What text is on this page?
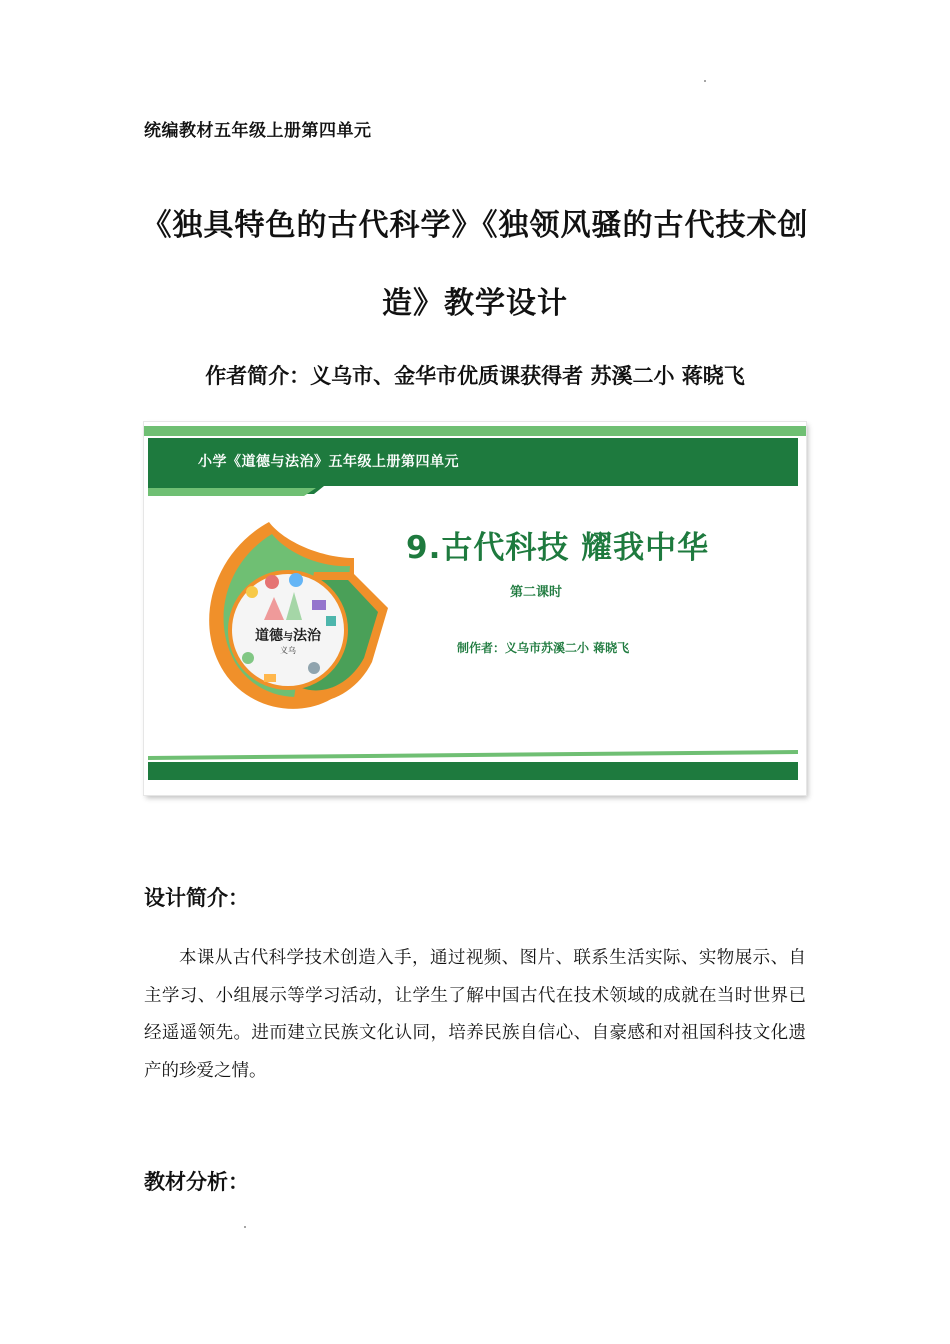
统编教材五年级上册第四单元
《独具特色的古代科学》《独领风骚的古代技术创
造》教学设计
作者简介：义乌市、金华市优质课获得者 苏溪二小 蒋晓飞
小学《道德与法治》五年级上册第四单元
9.古代科技 耀我中华
第二课时
制作者：义乌市苏溪二小 蒋晓飞
道德与法治
义乌
设计简介：
本课从古代科学技术创造入手，通过视频、图片、联系生活实际、实物展示、自主学习、小组展示等学习活动，让学生了解中国古代在技术领域的成就在当时世界已经遥遥领先。进而建立民族文化认同，培养民族自信心、自豪感和对祖国科技文化遗产的珍爱之情。
教材分析：
